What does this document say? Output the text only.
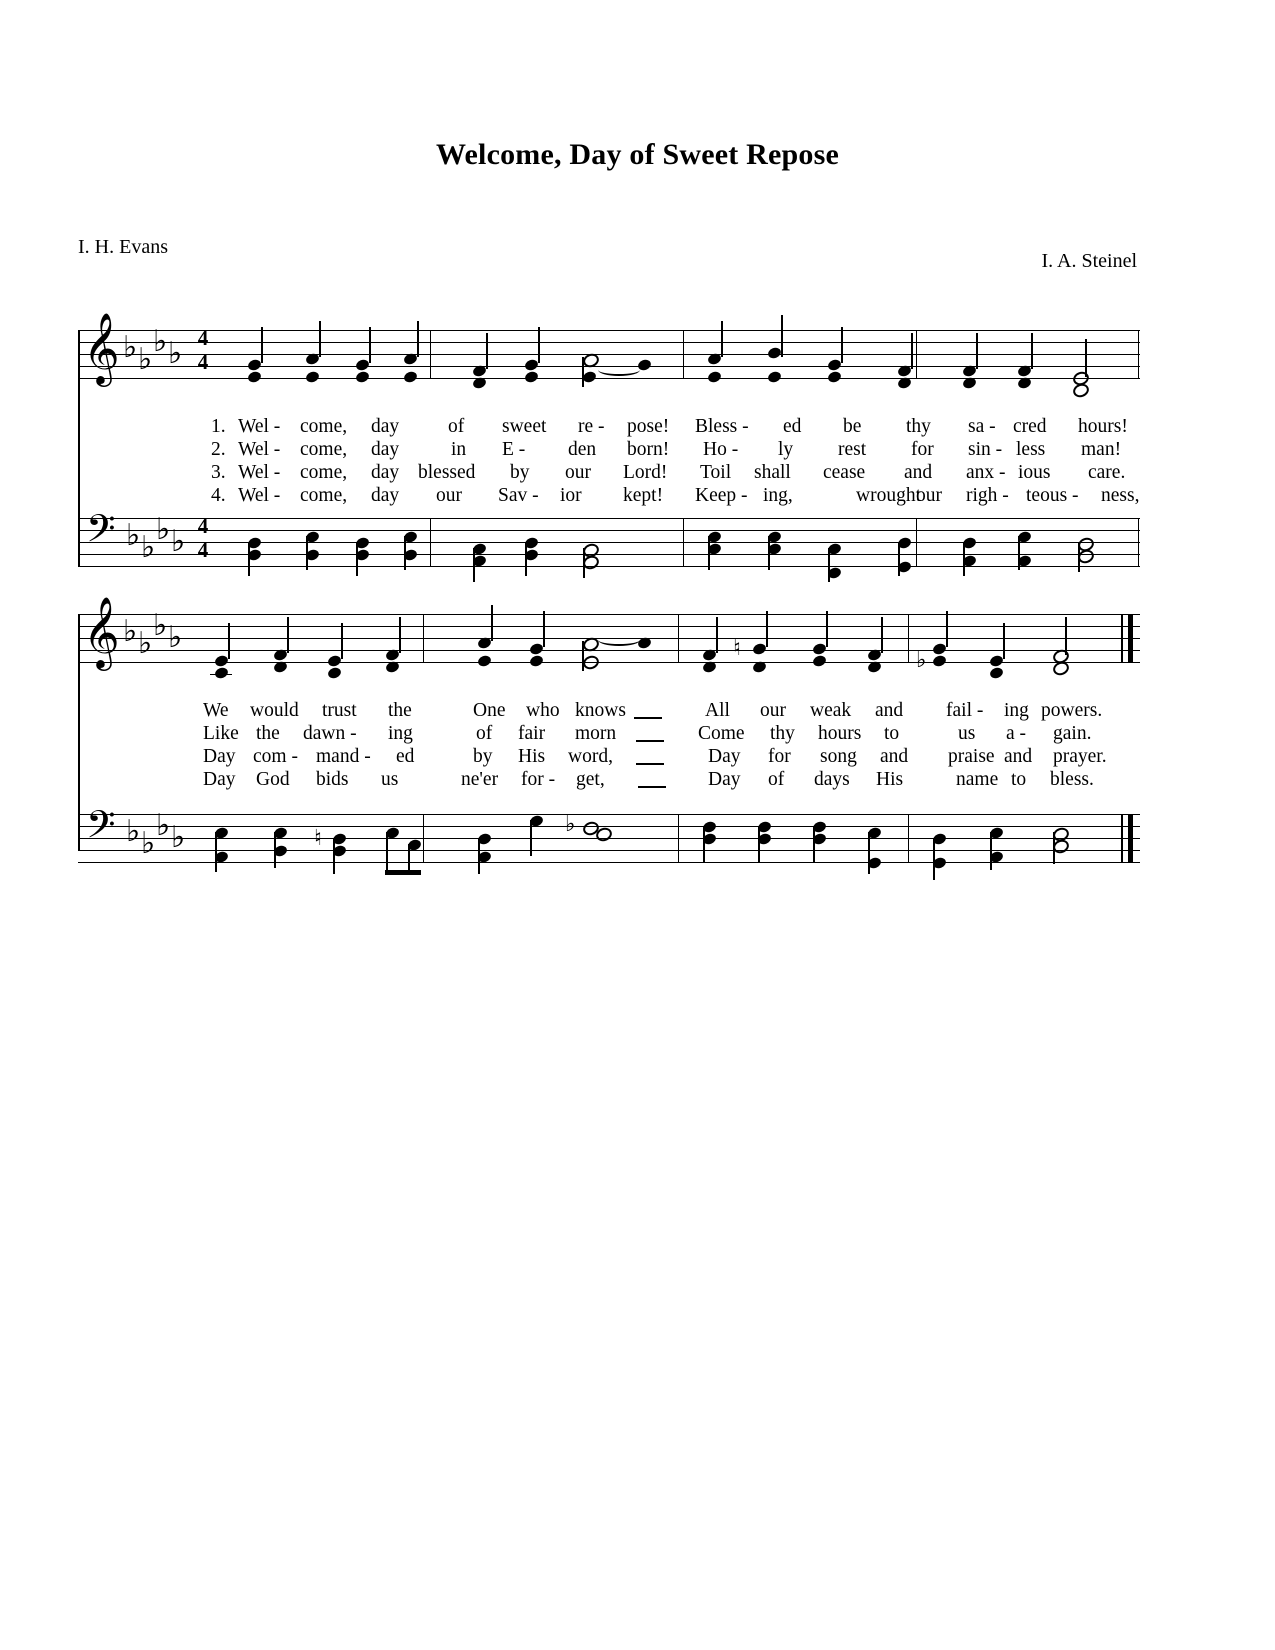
Welcome, Day of Sweet Repose
I. H. Evans
I. A. Steinel
𝄞 ♭ ♭
♭ ♭ 4
4
1. Wel - come, day	of sweet re - pose! Bless - ed be thy sa - cred hours!
2. Wel - come, day	in E - den born! Ho - ly rest for sin - less man!
3. Wel - come, day blessed by our Lord! Toil shall cease and anx - ious care.
4. Wel - come, day our Sav - ior kept! Keep - ing,	wrought
our righ - teous - ness,
𝄢 ♭ ♭
♭ ♭ 4
4
𝄞 ♭ ♭
♭ ♭	♮	♭
We would trust the	One who knows	All our weak and fail - ing powers.
Like the dawn - ing	of fair morn	Come thy hours to	us a - gain.
Day com - mand - ed	by His word,	Day for song and praise and prayer.
Day God bids us	ne'er for - get,	Day of days His	name to bless.
𝄢 ♭ ♭
♭ ♭	♮
♭
